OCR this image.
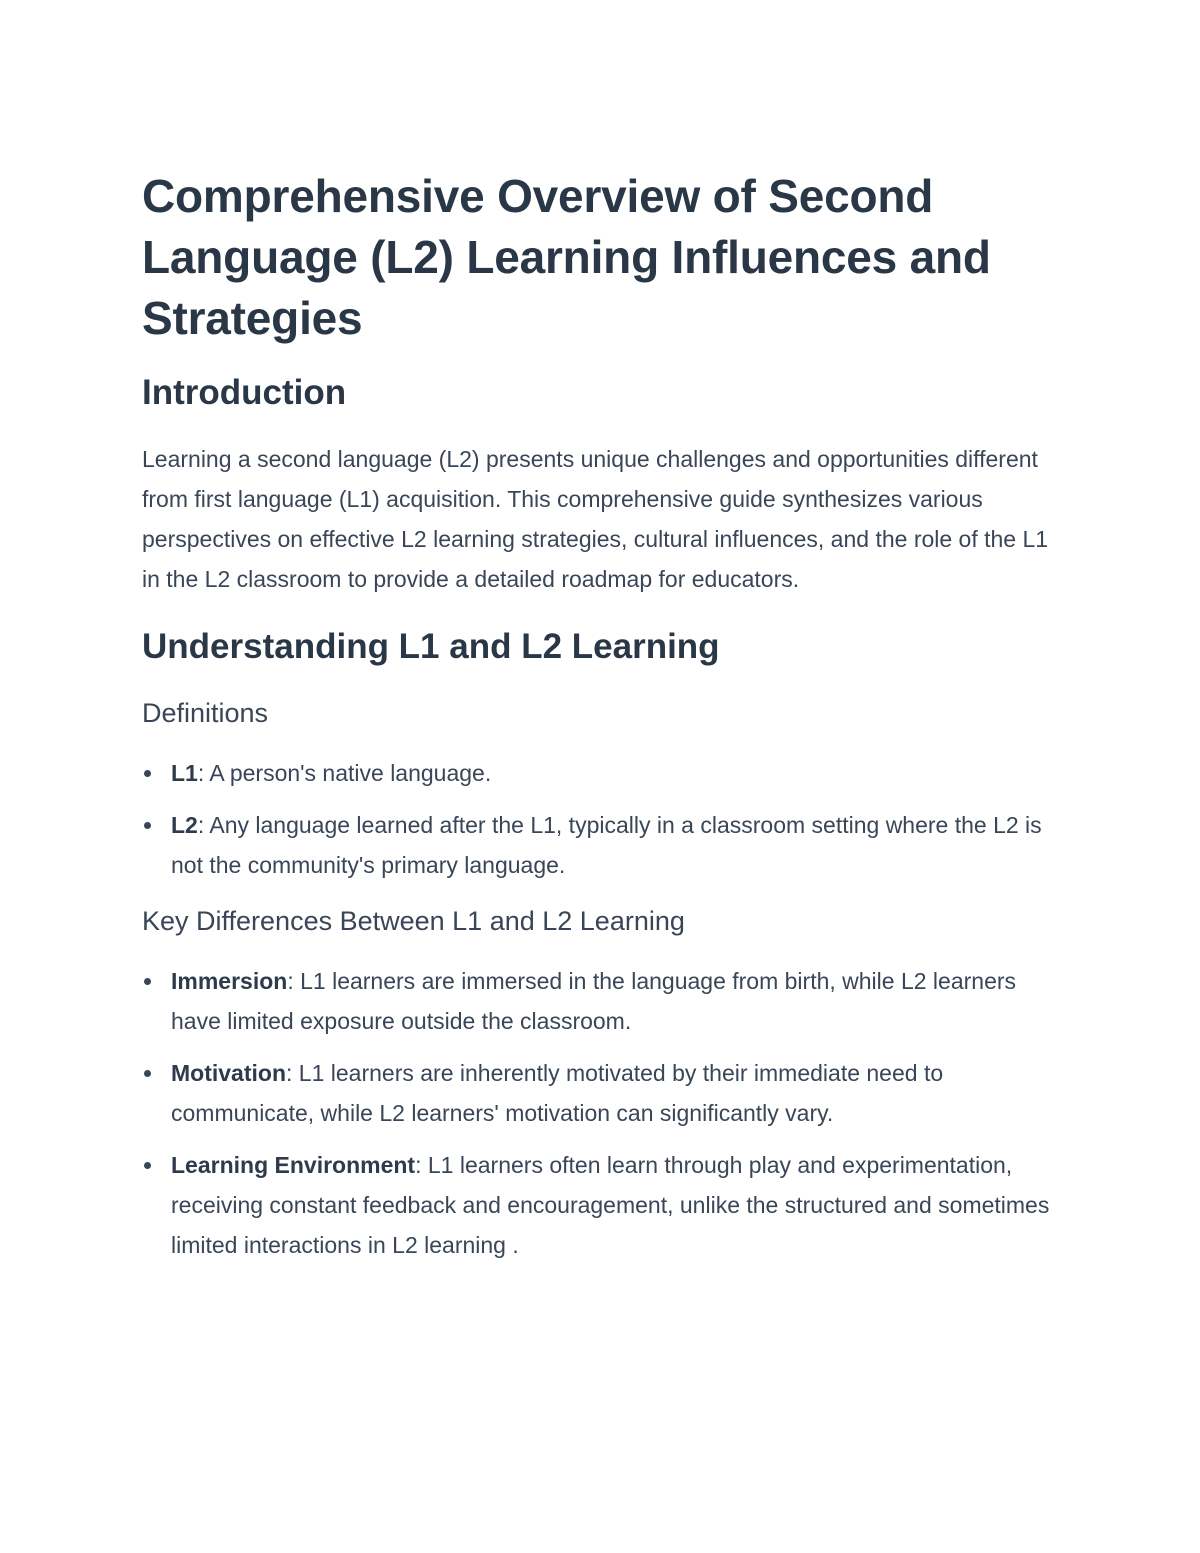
Comprehensive Overview of Second Language (L2) Learning Influences and Strategies
Introduction

Learning a second language (L2) presents unique challenges and opportunities different from first language (L1) acquisition. This comprehensive guide synthesizes various perspectives on effective L2 learning strategies, cultural influences, and the role of the L1 in the L2 classroom to provide a detailed roadmap for educators.

Understanding L1 and L2 Learning
Definitions
L1: A person's native language.
L2: Any language learned after the L1, typically in a classroom setting where the L2 is not the community's primary language.
Key Differences Between L1 and L2 Learning
Immersion: L1 learners are immersed in the language from birth, while L2 learners have limited exposure outside the classroom.
Motivation: L1 learners are inherently motivated by their immediate need to communicate, while L2 learners' motivation can significantly vary.
Learning Environment: L1 learners often learn through play and experimentation, receiving constant feedback and encouragement, unlike the structured and sometimes limited interactions in L2 learning .
